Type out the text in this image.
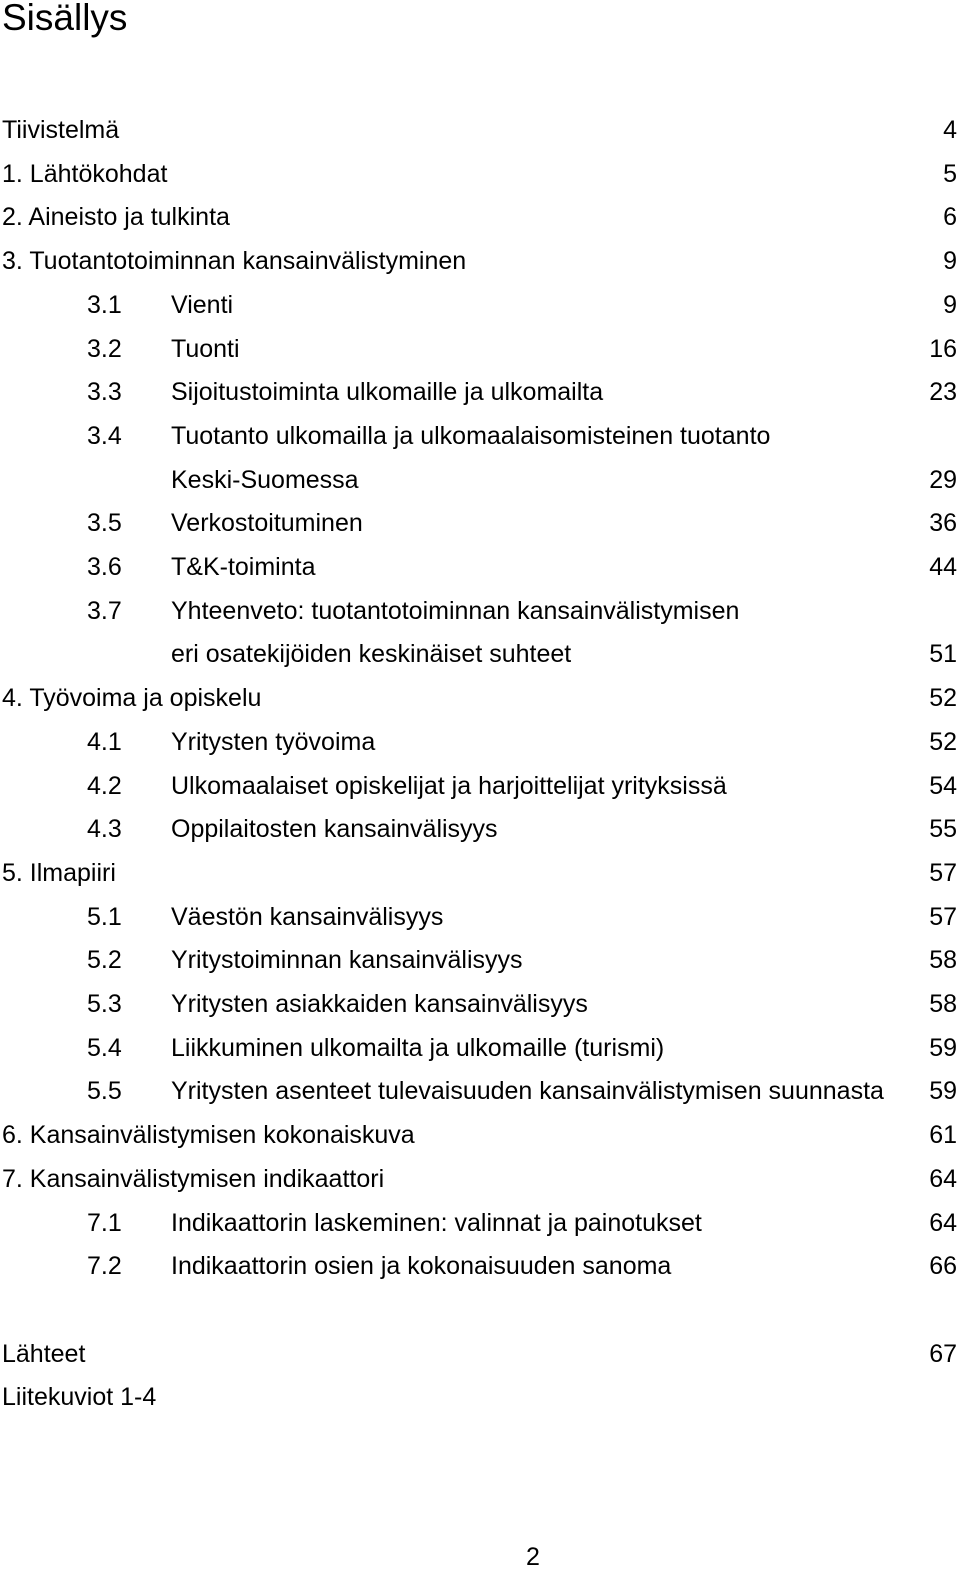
Sisällys
Tiivistelmä	4
1. Lähtökohdat	5
2. Aineisto ja tulkinta	6
3. Tuotantotoiminnan kansainvälistyminen	9
3.1 Vienti	9
3.2 Tuonti	16
3.3 Sijoitustoiminta ulkomaille ja ulkomailta	23
3.4 Tuotanto ulkomailla ja ulkomaalaisomisteinen tuotanto
Keski-Suomessa	29
3.5 Verkostoituminen	36
3.6 T&K-toiminta	44
3.7 Yhteenveto: tuotantotoiminnan kansainvälistymisen
eri osatekijöiden keskinäiset suhteet	51
4. Työvoima ja opiskelu	52
4.1 Yritysten työvoima	52
4.2 Ulkomaalaiset opiskelijat ja harjoittelijat yrityksissä	54
4.3 Oppilaitosten kansainvälisyys	55
5. Ilmapiiri	57
5.1 Väestön kansainvälisyys	57
5.2 Yritystoiminnan kansainvälisyys	58
5.3 Yritysten asiakkaiden kansainvälisyys	58
5.4 Liikkuminen ulkomailta ja ulkomaille (turismi)	59
5.5 Yritysten asenteet tulevaisuuden kansainvälistymisen suunnasta 59
6. Kansainvälistymisen kokonaiskuva	61
7. Kansainvälistymisen indikaattori	64
7.1 Indikaattorin laskeminen: valinnat ja painotukset	64
7.2 Indikaattorin osien ja kokonaisuuden sanoma	66
Lähteet	67
Liitekuviot 1-4
2
